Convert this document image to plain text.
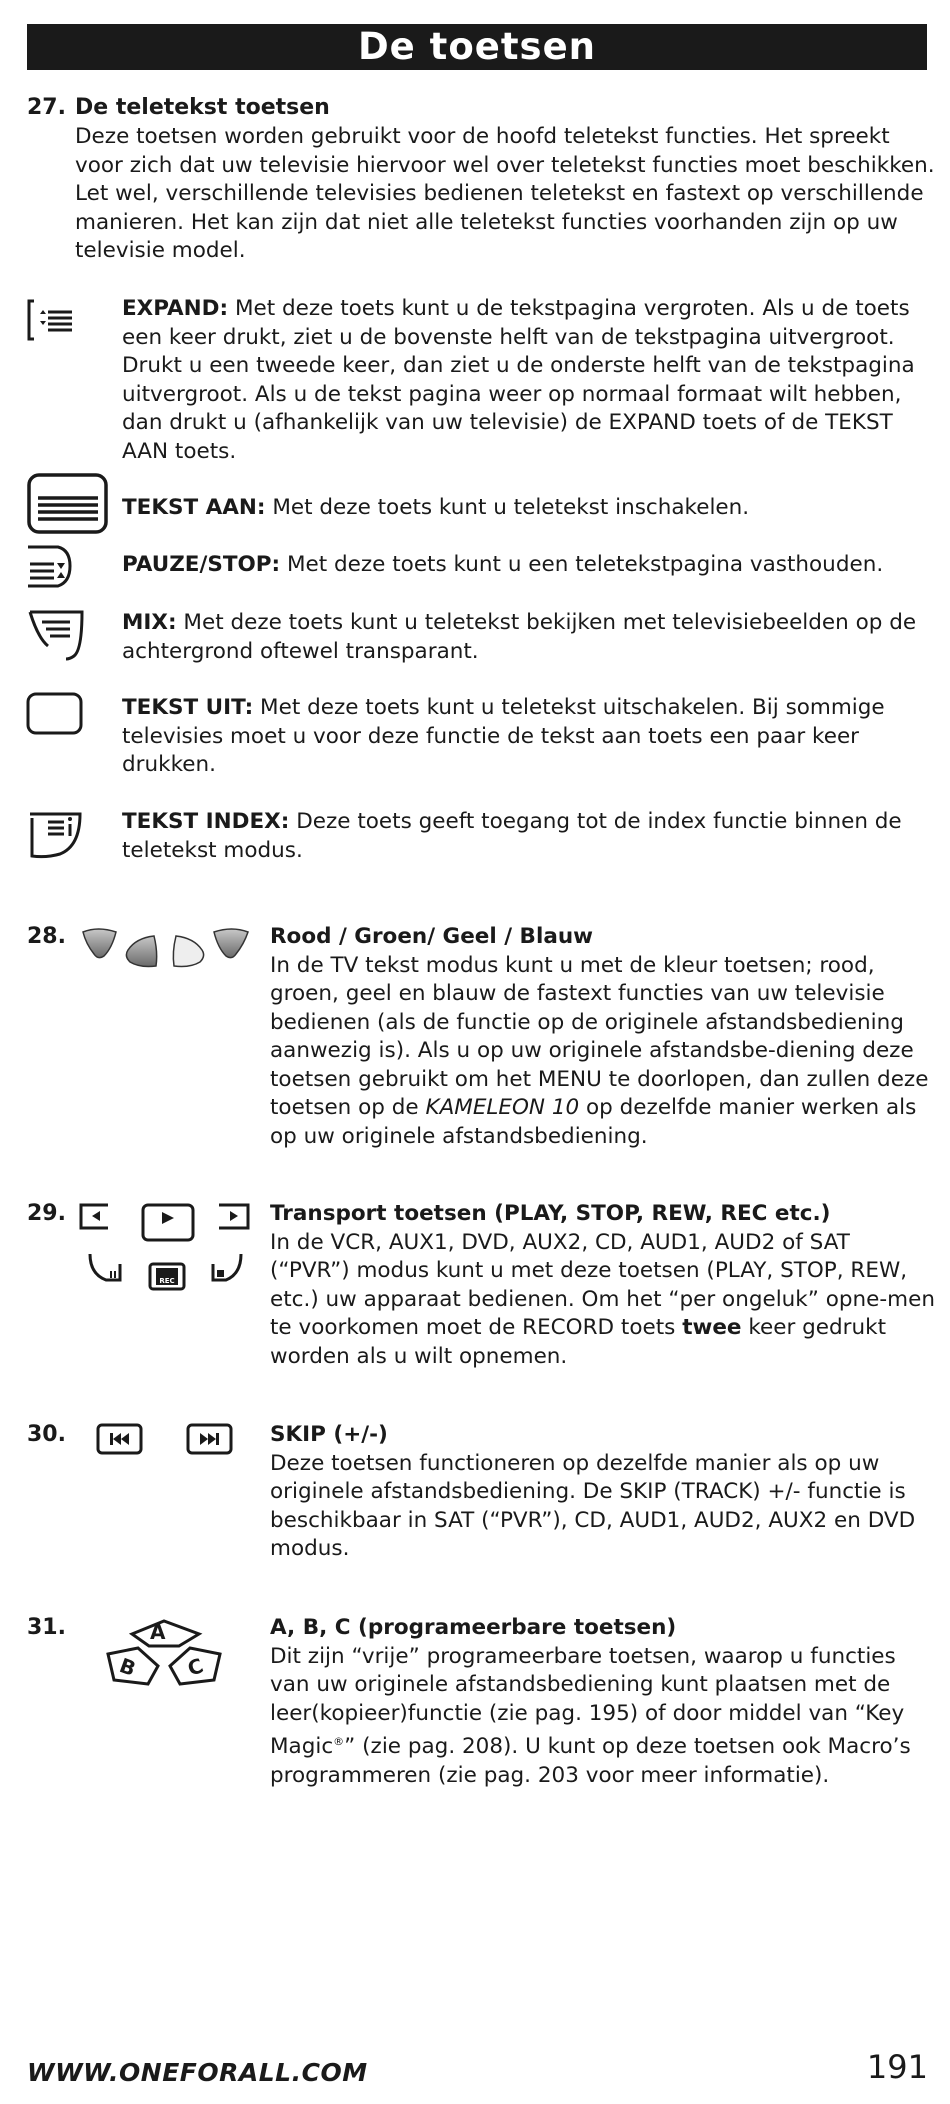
De toetsen
27. De teletekst toetsen
Deze toetsen worden gebruikt voor de hoofd teletekst functies. Het spreekt voor zich dat uw televisie hiervoor wel over teletekst functies moet beschikken. Let wel, verschillende televisies bedienen teletekst en fastext op verschillende manieren. Het kan zijn dat niet alle teletekst functies voorhanden zijn op uw televisie model.
EXPAND: Met deze toets kunt u de tekstpagina vergroten. Als u de toets een keer drukt, ziet u de bovenste helft van de tekstpagina uitvergroot. Drukt u een tweede keer, dan ziet u de onderste helft van de tekstpagina uitvergroot. Als u de tekst pagina weer op normaal formaat wilt hebben, dan drukt u (afhankelijk van uw televisie) de EXPAND toets of de TEKST AAN toets.
TEKST AAN: Met deze toets kunt u teletekst inschakelen.
PAUZE/STOP: Met deze toets kunt u een teletekstpagina vasthouden.
MIX: Met deze toets kunt u teletekst bekijken met televisiebeelden op de achtergrond oftewel transparant.
TEKST UIT: Met deze toets kunt u teletekst uitschakelen. Bij sommige televisies moet u voor deze functie de tekst aan toets een paar keer drukken.
TEKST INDEX: Deze toets geeft toegang tot de index functie binnen de teletekst modus.
28.	Rood / Groen/ Geel / Blauw
In de TV tekst modus kunt u met de kleur toetsen; rood, groen, geel en blauw de fastext functies van uw televisie bedienen (als de functie op de originele afstandsbediening aanwezig is). Als u op uw originele afstandsbe-diening deze toetsen gebruikt om het MENU te doorlopen, dan zullen deze toetsen op de KAMELEON 10 op dezelfde manier werken als op uw originele afstandsbediening.
29.
REC
Transport toetsen (PLAY, STOP, REW, REC etc.)
In de VCR, AUX1, DVD, AUX2, CD, AUD1, AUD2 of SAT (“PVR”) modus kunt u met deze toetsen (PLAY, STOP, REW, etc.) uw apparaat bedienen. Om het “per ongeluk” opne-men te voorkomen moet de RECORD toets twee keer gedrukt worden als u wilt opnemen.
30.	SKIP (+/-)
Deze toetsen functioneren op dezelfde manier als op uw originele afstandsbediening. De SKIP (TRACK) +/- functie is beschikbaar in SAT (“PVR”), CD, AUD1, AUD2, AUX2 en DVD modus.
31.	A
B C
A, B, C (programeerbare toetsen)
Dit zijn “vrije” programeerbare toetsen, waarop u functies van uw originele afstandsbediening kunt plaatsen met de leer(kopieer)functie (zie pag. 195) of door middel van “Key Magic®” (zie pag. 208). U kunt op deze toetsen ook Macro’s programmeren (zie pag. 203 voor meer informatie).
WWW.ONEFORALL.COM	191
